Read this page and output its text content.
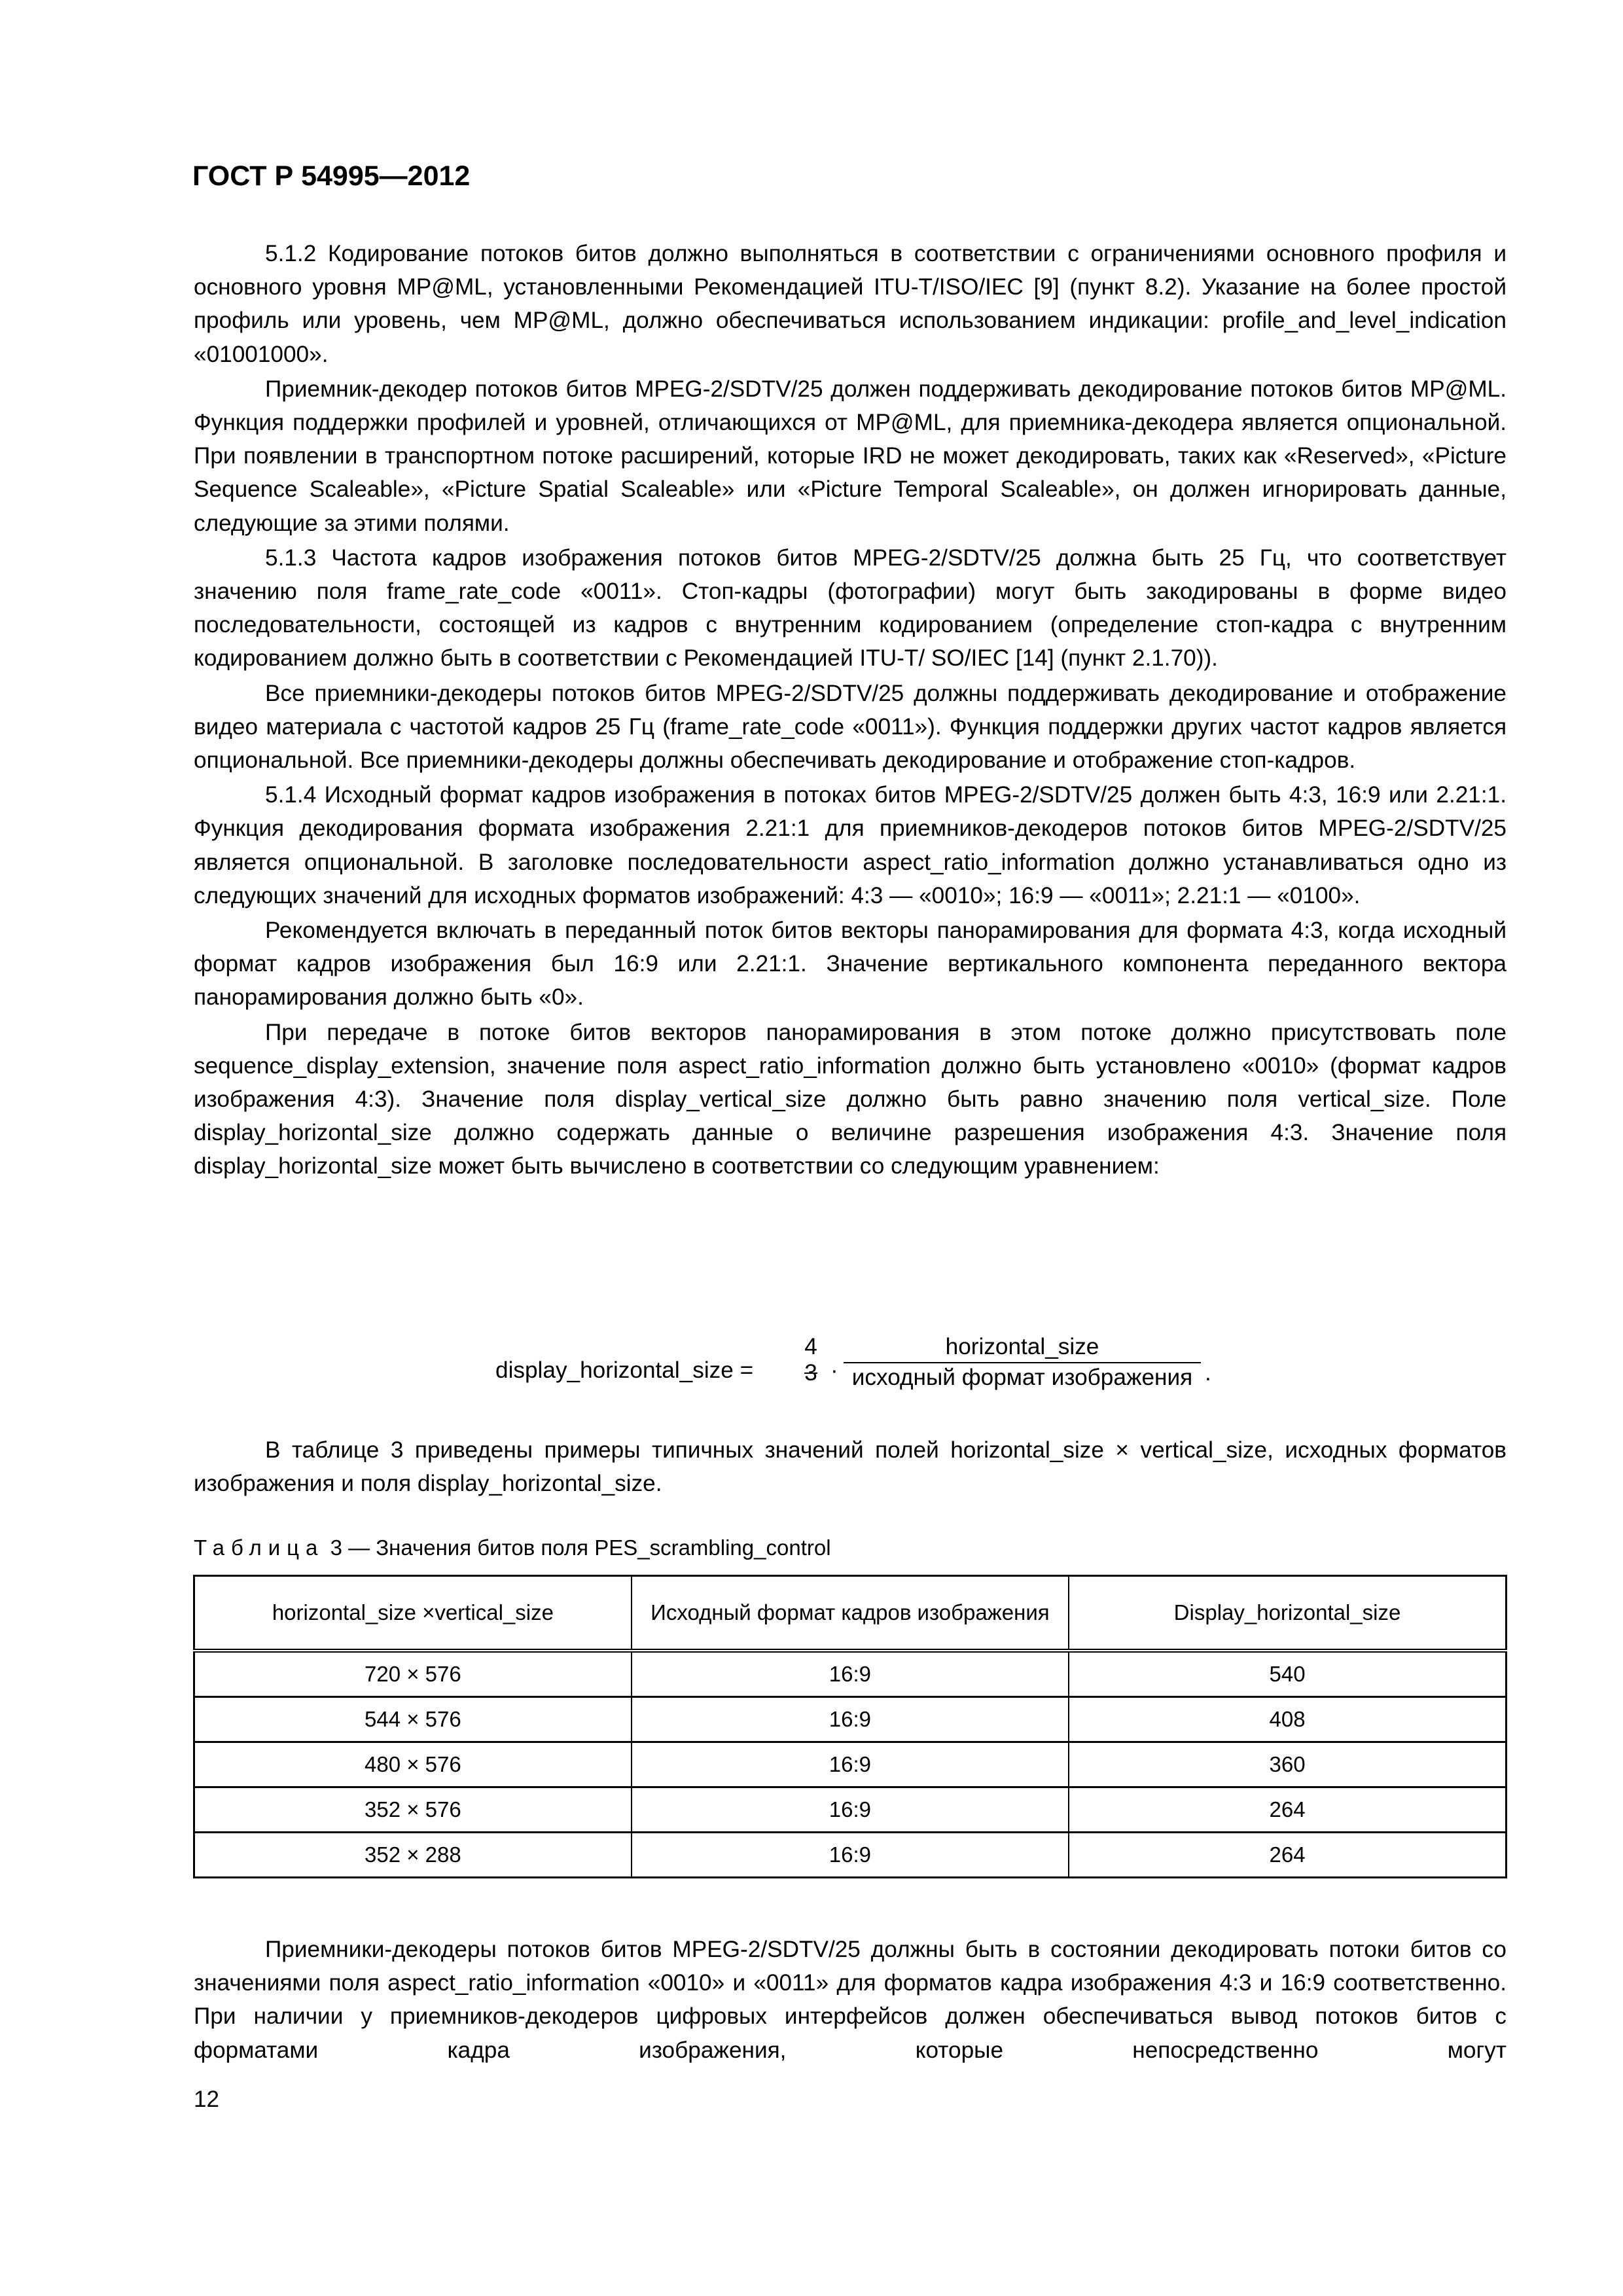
ГОСТ Р 54995—2012

5.1.2 Кодирование потоков битов должно выполняться в соответствии с ограничениями основного профиля и основного уровня MP@ML, установленными Рекомендацией ITU-T/ISO/IEC [9] (пункт 8.2). Указание на более простой профиль или уровень, чем MP@ML, должно обеспечиваться использованием индикации: profile_and_level_indication «01001000».

Приемник-декодер потоков битов MPEG-2/SDTV/25 должен поддерживать декодирование потоков битов MP@ML. Функция поддержки профилей и уровней, отличающихся от MP@ML, для приемника-декодера является опциональной. При появлении в транспортном потоке расширений, которые IRD не может декодировать, таких как «Reserved», «Picture Sequence Scaleable», «Picture Spatial Scaleable» или «Picture Temporal Scaleable», он должен игнорировать данные, следующие за этими полями.

5.1.3 Частота кадров изображения потоков битов MPEG-2/SDTV/25 должна быть 25 Гц, что соответствует значению поля frame_rate_code «0011». Стоп-кадры (фотографии) могут быть закодированы в форме видео последовательности, состоящей из кадров с внутренним кодированием (определение стоп-кадра с внутренним кодированием должно быть в соответствии с Рекомендацией ITU-T/ SO/IEC [14] (пункт 2.1.70)).

Все приемники-декодеры потоков битов MPEG-2/SDTV/25 должны поддерживать декодирование и отображение видео материала с частотой кадров 25 Гц (frame_rate_code «0011»). Функция поддержки других частот кадров является опциональной. Все приемники-декодеры должны обеспечивать декодирование и отображение стоп-кадров.

5.1.4 Исходный формат кадров изображения в потоках битов MPEG-2/SDTV/25 должен быть 4:3, 16:9 или 2.21:1. Функция декодирования формата изображения 2.21:1 для приемников-декодеров потоков битов MPEG-2/SDTV/25 является опциональной. В заголовке последовательности aspect_ratio_information должно устанавливаться одно из следующих значений для исходных форматов изображений: 4:3 — «0010»; 16:9 — «0011»; 2.21:1 — «0100».

Рекомендуется включать в переданный поток битов векторы панорамирования для формата 4:3, когда исходный формат кадров изображения был 16:9 или 2.21:1. Значение вертикального компонента переданного вектора панорамирования должно быть «0».

При передаче в потоке битов векторов панорамирования в этом потоке должно присутствовать поле sequence_display_extension, значение поля aspect_ratio_information должно быть установлено «0010» (формат кадров изображения 4:3). Значение поля display_vertical_size должно быть равно значению поля vertical_size. Поле display_horizontal_size должно содержать данные о величине разрешения изображения 4:3. Значение поля display_horizontal_size может быть вычислено в соответствии со следующим уравнением:

display_horizontal_size =
4
3 ·
horizontal_size
исходный формат изображения .

В таблице 3 приведены примеры типичных значений полей horizontal_size × vertical_size, исходных форматов изображения и поля display_horizontal_size.

Таблица 3 — Значения битов поля PES_scrambling_control
horizontal_size ×vertical_size	Исходный формат кадров изображения	Display_horizontal_size
720 × 576	16:9	540
544 × 576	16:9	408
480 × 576	16:9	360
352 × 576	16:9	264
352 × 288	16:9	264

Приемники-декодеры потоков битов MPEG-2/SDTV/25 должны быть в состоянии декодировать потоки битов со значениями поля aspect_ratio_information «0010» и «0011» для форматов кадра изображения 4:3 и 16:9 соответственно. При наличии у приемников-декодеров цифровых интерфейсов должен обеспечиваться вывод потоков битов с форматами кадра изображения, которые непосредственно могут

12
